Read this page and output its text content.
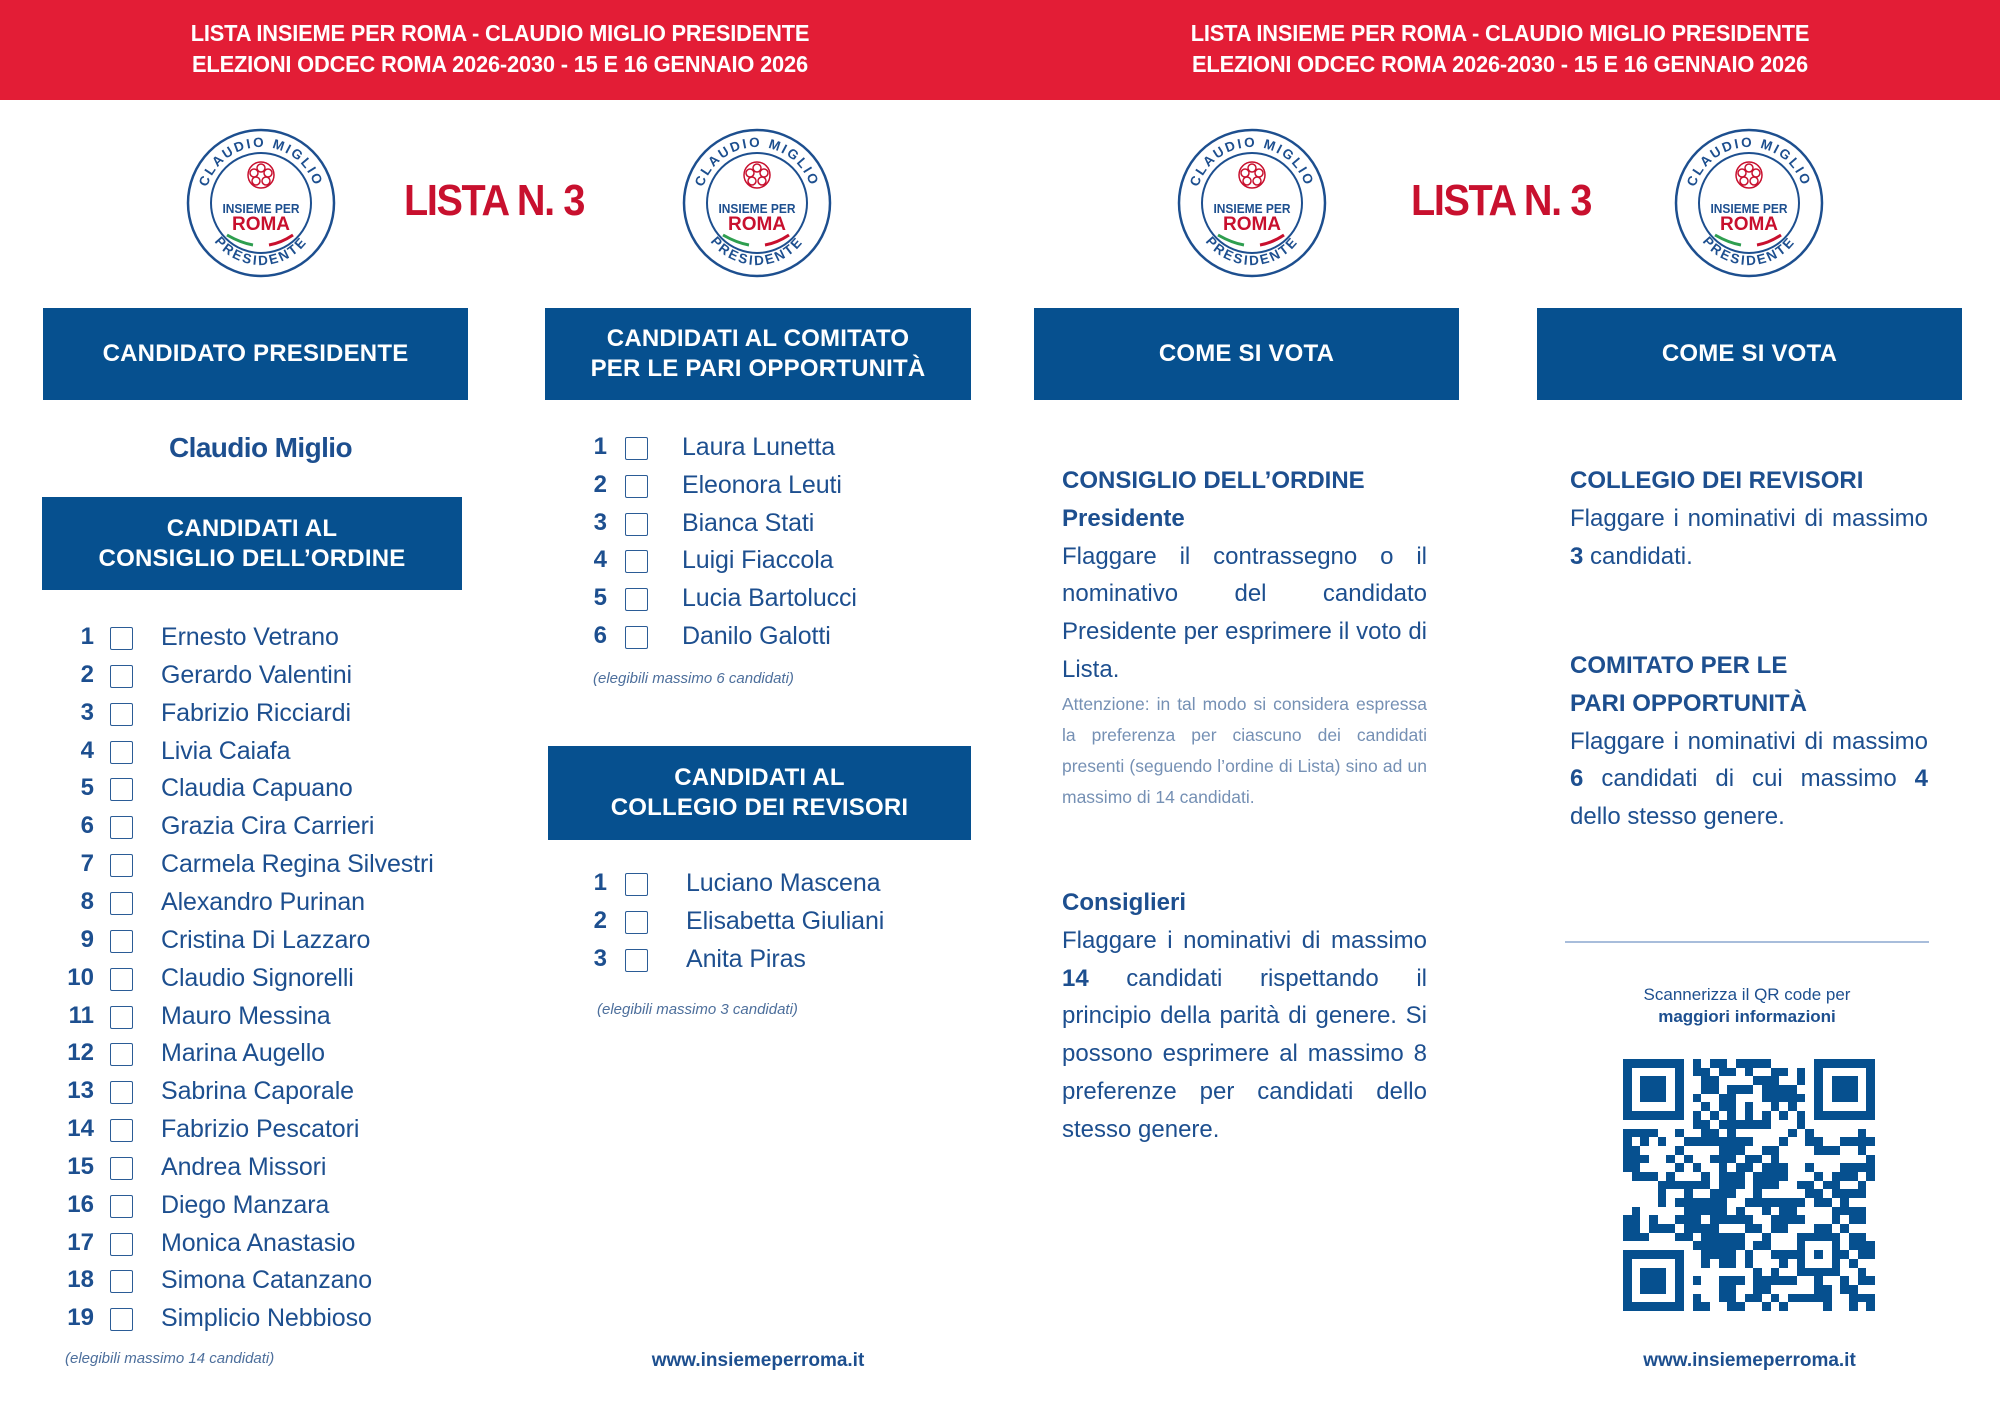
LISTA INSIEME PER ROMA - CLAUDIO MIGLIO PRESIDENTE
ELEZIONI ODCEC ROMA 2026-2030 - 15 E 16 GENNAIO 2026
LISTA INSIEME PER ROMA - CLAUDIO MIGLIO PRESIDENTE
ELEZIONI ODCEC ROMA 2026-2030 - 15 E 16 GENNAIO 2026
CLAUDIO MIGLIO
PRESIDENTE
INSIEME PER
ROMA	LISTA N. 3	CLAUDIO MIGLIO
PRESIDENTE
INSIEME PER
ROMA
CLAUDIO MIGLIO
PRESIDENTE
INSIEME PER
ROMA	LISTA N. 3	CLAUDIO MIGLIO
PRESIDENTE
INSIEME PER
ROMA
CANDIDATO PRESIDENTE
Claudio Miglio
CANDIDATI AL
CONSIGLIO DELL’ORDINE
1	Ernesto Vetrano
2	Gerardo Valentini
3	Fabrizio Ricciardi
4	Livia Caiafa
5	Claudia Capuano
6	Grazia Cira Carrieri
7	Carmela Regina Silvestri
8	Alexandro Purinan
9	Cristina Di Lazzaro
10	Claudio Signorelli
11	Mauro Messina
12	Marina Augello
13	Sabrina Caporale
14	Fabrizio Pescatori
15	Andrea Missori
16	Diego Manzara
17	Monica Anastasio
18	Simona Catanzano
19	Simplicio Nebbioso
(elegibili massimo 14 candidati)
CANDIDATI AL COMITATO
PER LE PARI OPPORTUNITÀ
1	Laura Lunetta
2	Eleonora Leuti
3	Bianca Stati
4	Luigi Fiaccola
5	Lucia Bartolucci
6	Danilo Galotti
(elegibili massimo 6 candidati)
CANDIDATI AL
COLLEGIO DEI REVISORI
1	Luciano Mascena
2	Elisabetta Giuliani
3	Anita Piras
(elegibili massimo 3 candidati)
www.insiemeperroma.it
COME SI VOTA
CONSIGLIO DELL’ORDINE
Presidente
Flaggare il contrassegno o il nominativo del candidato Presidente per esprimere il voto di Lista.
Attenzione: in tal modo si considera espressa la preferenza per ciascuno dei candidati presenti (seguendo l’ordine di Lista) sino ad un massimo di 14 candidati.
Consiglieri
Flaggare i nominativi di massimo 14 candidati rispettando il principio della parità di genere. Si possono esprimere al massimo 8 preferenze per candidati dello stesso genere.
COME SI VOTA
COLLEGIO DEI REVISORI
Flaggare i nominativi di massimo 3 candidati.
COMITATO PER LE
PARI OPPORTUNITÀ
Flaggare i nominativi di massimo 6 candidati di cui massimo 4 dello stesso genere.
Scannerizza il QR code per
maggiori informazioni
www.insiemeperroma.it
